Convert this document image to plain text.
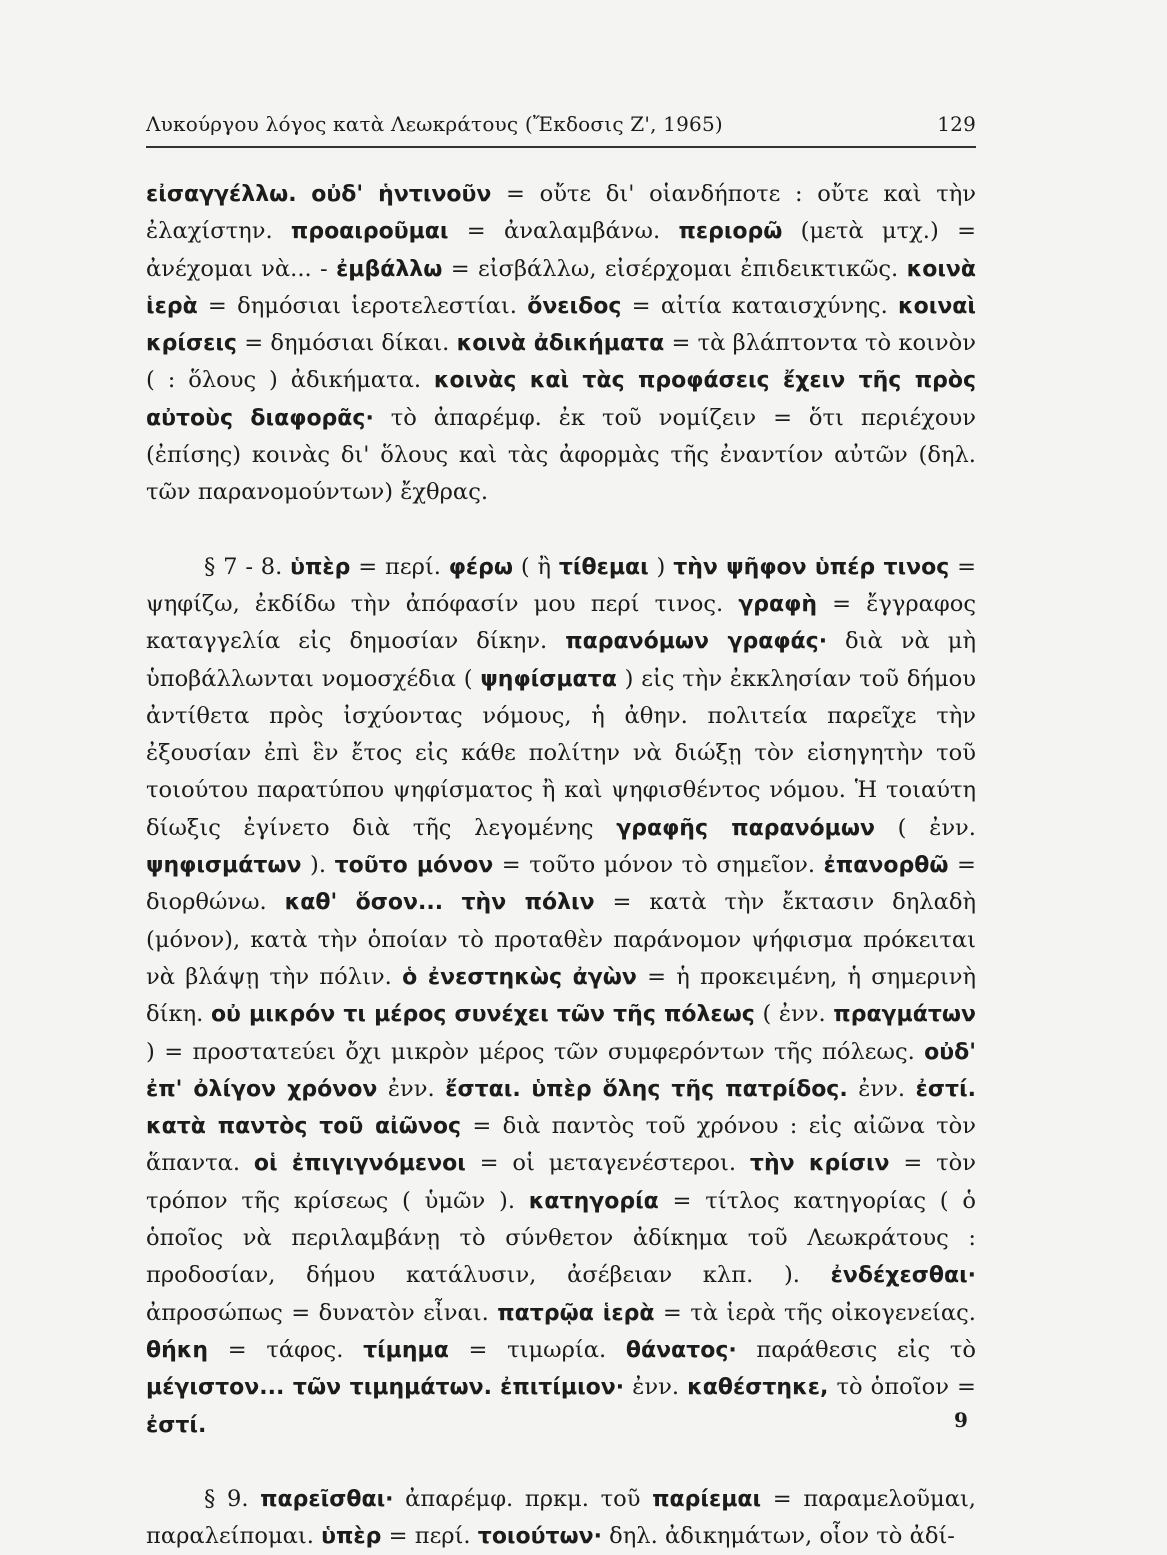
Λυκούργου λόγος κατὰ Λεωκράτους (Ἔκδοσις Ζ', 1965)	129

εἰσαγγέλλω. οὐδ' ἡντινοῦν = οὔτε δι' οἱανδήποτε : οὔτε καὶ τὴν ἐλαχίστην. προαιροῦμαι = ἀναλαμβάνω. περιορῶ (μετὰ μτχ.) = ἀνέχομαι νὰ... - ἐμβάλλω = εἰσβάλλω, εἰσέρχομαι ἐπιδεικτικῶς. κοινὰ ἱερὰ = δημόσιαι ἱεροτελεστίαι. ὄνειδος = αἰτία καταισχύνης. κοιναὶ κρίσεις = δημόσιαι δίκαι. κοινὰ ἀδικήματα = τὰ βλάπτοντα τὸ κοινὸν ( : ὅλους ) ἀδικήματα. κοινὰς καὶ τὰς προφάσεις ἔχειν τῆς πρὸς αὐτοὺς διαφορᾶς· τὸ ἀπαρέμφ. ἐκ τοῦ νομίζειν = ὅτι περιέχουν (ἐπίσης) κοινὰς δι' ὅλους καὶ τὰς ἀφορμὰς τῆς ἐναντίον αὐτῶν (δηλ. τῶν παρανομούντων) ἔχθρας.

§ 7 - 8. ὑπὲρ = περί. φέρω ( ἢ τίθεμαι ) τὴν ψῆφον ὑπέρ τινος = ψηφίζω, ἐκδίδω τὴν ἀπόφασίν μου περί τινος. γραφὴ = ἔγγραφος καταγγελία εἰς δημοσίαν δίκην. παρανόμων γραφάς· διὰ νὰ μὴ ὑποβάλλωνται νομοσχέδια ( ψηφίσματα ) εἰς τὴν ἐκκλησίαν τοῦ δήμου ἀντίθετα πρὸς ἰσχύοντας νόμους, ἡ ἀθην. πολιτεία παρεῖχε τὴν ἐξουσίαν ἐπὶ ἓν ἔτος εἰς κάθε πολίτην νὰ διώξῃ τὸν εἰσηγητὴν τοῦ τοιούτου παρατύπου ψηφίσματος ἢ καὶ ψηφισθέντος νόμου. Ἡ τοιαύτη δίωξις ἐγίνετο διὰ τῆς λεγομένης γραφῆς παρανόμων ( ἐνν. ψηφισμάτων ). τοῦτο μόνον = τοῦτο μόνον τὸ σημεῖον. ἐπανορθῶ = διορθώνω. καθ' ὅσον... τὴν πόλιν = κατὰ τὴν ἔκτασιν δηλαδὴ (μόνον), κατὰ τὴν ὁποίαν τὸ προταθὲν παράνομον ψήφισμα πρόκειται νὰ βλάψῃ τὴν πόλιν. ὁ ἐνεστηκὼς ἀγὼν = ἡ προκειμένη, ἡ σημερινὴ δίκη. οὐ μικρόν τι μέρος συνέχει τῶν τῆς πόλεως ( ἐνν. πραγμάτων ) = προστατεύει ὄχι μικρὸν μέρος τῶν συμφερόντων τῆς πόλεως. οὐδ' ἐπ' ὀλίγον χρόνον ἐνν. ἔσται. ὑπὲρ ὅλης τῆς πατρίδος. ἐνν. ἐστί. κατὰ παντὸς τοῦ αἰῶνος = διὰ παντὸς τοῦ χρόνου : εἰς αἰῶνα τὸν ἅπαντα. οἱ ἐπιγιγνόμενοι = οἱ μεταγενέστεροι. τὴν κρίσιν = τὸν τρόπον τῆς κρίσεως ( ὑμῶν ). κατηγορία = τίτλος κατηγορίας ( ὁ ὁποῖος νὰ περιλαμβάνῃ τὸ σύνθετον ἀδίκημα τοῦ Λεωκράτους : προδοσίαν, δήμου κατάλυσιν, ἀσέβειαν κλπ. ). ἐνδέχεσθαι· ἀπροσώπως = δυνατὸν εἶναι. πατρῷα ἱερὰ = τὰ ἱερὰ τῆς οἰκογενείας. θήκη = τάφος. τίμημα = τιμωρία. θάνατος· παράθεσις εἰς τὸ μέγιστον... τῶν τιμημάτων. ἐπιτίμιον· ἐνν. καθέστηκε, τὸ ὁποῖον = ἐστί.

§ 9. παρεῖσθαι· ἀπαρέμφ. πρκμ. τοῦ παρίεμαι = παραμελοῦμαι, παραλείπομαι. ὑπὲρ = περί. τοιούτων· δηλ. ἀδικημάτων, οἷον τὸ ἀδί-

9
